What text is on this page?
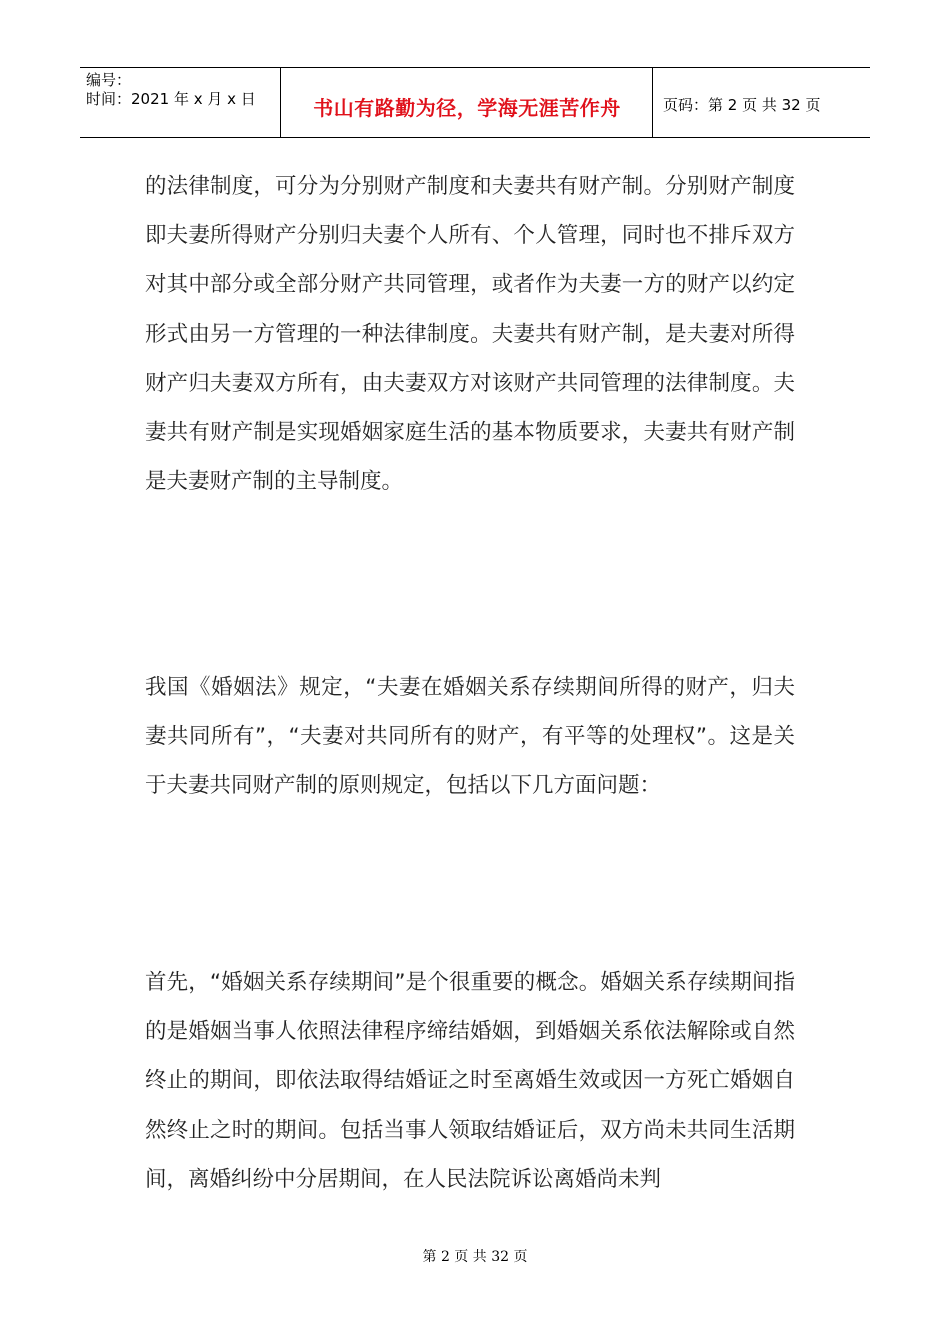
编号：
时间：2021 年 x 月 x 日	书山有路勤为径，学海无涯苦作舟	页码：第 2 页 共 32 页

的法律制度，可分为分别财产制度和夫妻共有财产制。分别财产制度即夫妻所得财产分别归夫妻个人所有、个人管理，同时也不排斥双方对其中部分或全部分财产共同管理，或者作为夫妻一方的财产以约定形式由另一方管理的一种法律制度。夫妻共有财产制，是夫妻对所得财产归夫妻双方所有，由夫妻双方对该财产共同管理的法律制度。夫妻共有财产制是实现婚姻家庭生活的基本物质要求，夫妻共有财产制是夫妻财产制的主导制度。

我国《婚姻法》规定，“夫妻在婚姻关系存续期间所得的财产，归夫妻共同所有”，“夫妻对共同所有的财产，有平等的处理权”。这是关于夫妻共同财产制的原则规定，包括以下几方面问题：

首先，“婚姻关系存续期间”是个很重要的概念。婚姻关系存续期间指的是婚姻当事人依照法律程序缔结婚姻，到婚姻关系依法解除或自然终止的期间，即依法取得结婚证之时至离婚生效或因一方死亡婚姻自然终止之时的期间。包括当事人领取结婚证后，双方尚未共同生活期间，离婚纠纷中分居期间，在人民法院诉讼离婚尚未判

第 2 页 共 32 页
